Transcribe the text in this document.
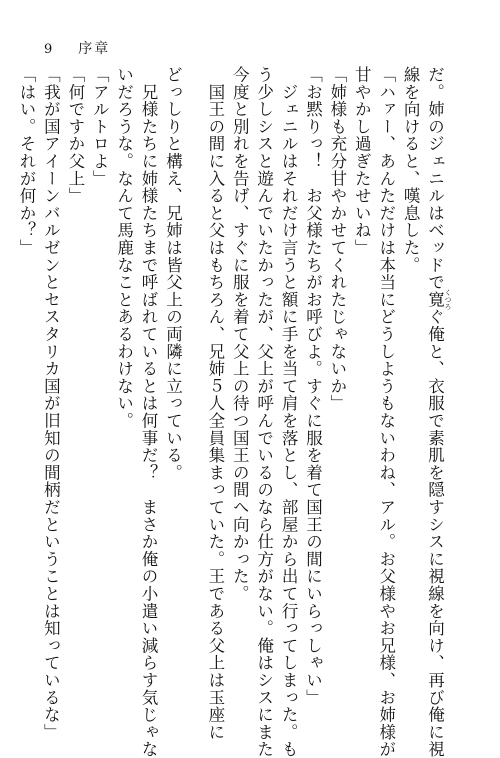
9 序章
だ。姉のジェニルはベッドで寛 くつろぐ俺と、衣服で素肌を隠すシスに視線を向け、再び俺に視
線を向けると、嘆息した。
「ハァー、あんただけは本当にどうしようもないわね、アル。お父様やお兄様、お姉様が
甘やかし過ぎたせいね」
「姉様も充分甘やかせてくれたじゃないか」
「お黙りっ！　お父様たちがお呼びよ。すぐに服を着て国王の間にいらっしゃい」
　ジェニルはそれだけ言うと額に手を当て肩を落とし、部屋から出て行ってしまった。も
う少しシスと遊んでいたかったが、父上が呼んでいるのなら仕方がない。俺はシスにまた
今度と別れを告げ、すぐに服を着て父上の待つ国王の間へ向かった。
　国王の間に入ると父はもちろん、兄姉５人全員集まっていた。王である父上は玉座に
どっしりと構え、兄姉は皆父上の両隣に立っている。
　兄様たちに姉様たちまで呼ばれているとは何事だ？　まさか俺の小遣い減らす気じゃな
いだろうな。なんて馬鹿なことあるわけない。
「アルトロよ」
「何ですか父上」
「我が国アイーンバルゼンとセスタリカ国が旧知の間柄だということは知っているな」
「はい。それが何か？」
